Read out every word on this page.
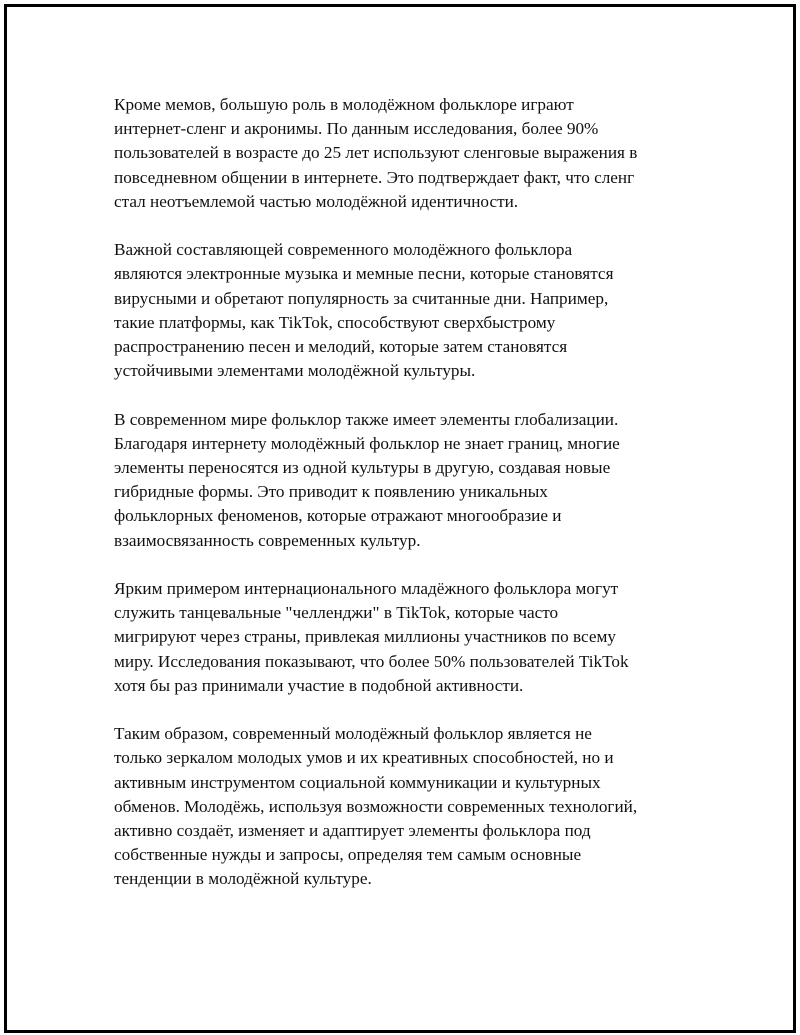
Кроме мемов, большую роль в молодёжном фольклоре играют
интернет-сленг и акронимы. По данным исследования, более 90%
пользователей в возрасте до 25 лет используют сленговые выражения в
повседневном общении в интернете. Это подтверждает факт, что сленг
стал неотъемлемой частью молодёжной идентичности.

Важной составляющей современного молодёжного фольклора
являются электронные музыка и мемные песни, которые становятся
вирусными и обретают популярность за считанные дни. Например,
такие платформы, как TikTok, способствуют сверхбыстрому
распространению песен и мелодий, которые затем становятся
устойчивыми элементами молодёжной культуры.

В современном мире фольклор также имеет элементы глобализации.
Благодаря интернету молодёжный фольклор не знает границ, многие
элементы переносятся из одной культуры в другую, создавая новые
гибридные формы. Это приводит к появлению уникальных
фольклорных феноменов, которые отражают многообразие и
взаимосвязанность современных культур.

Ярким примером интернационального младёжного фольклора могут
служить танцевальные "челленджи" в TikTok, которые часто
мигрируют через страны, привлекая миллионы участников по всему
миру. Исследования показывают, что более 50% пользователей TikTok
хотя бы раз принимали участие в подобной активности.

Таким образом, современный молодёжный фольклор является не
только зеркалом молодых умов и их креативных способностей, но и
активным инструментом социальной коммуникации и культурных
обменов. Молодёжь, используя возможности современных технологий,
активно создаёт, изменяет и адаптирует элементы фольклора под
собственные нужды и запросы, определяя тем самым основные
тенденции в молодёжной культуре.
